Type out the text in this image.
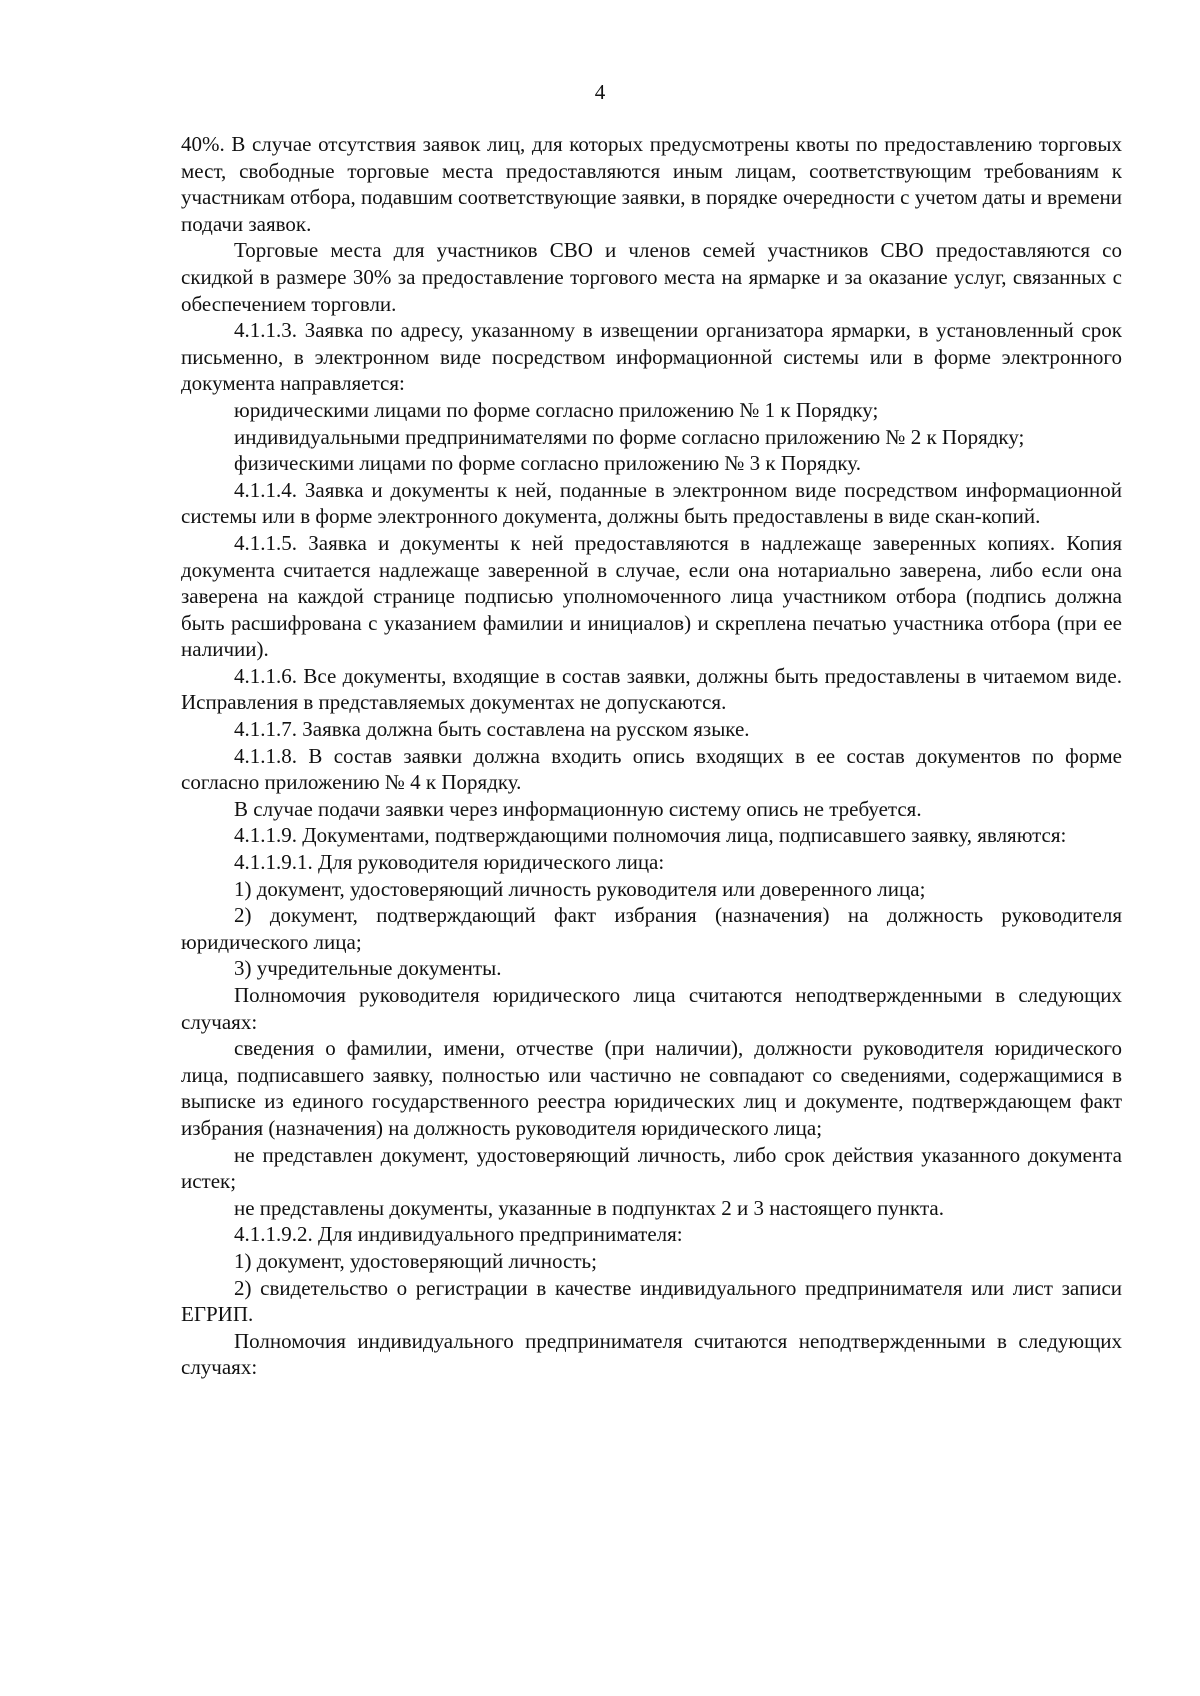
4

40%. В случае отсутствия заявок лиц, для которых предусмотрены квоты по предоставлению торговых мест, свободные торговые места предоставляются иным лицам, соответствующим требованиям к участникам отбора, подавшим соответствующие заявки, в порядке очередности с учетом даты и времени подачи заявок.

Торговые места для участников СВО и членов семей участников СВО предоставляются со скидкой в размере 30% за предоставление торгового места на ярмарке и за оказание услуг, связанных с обеспечением торговли.

4.1.1.3. Заявка по адресу, указанному в извещении организатора ярмарки, в установленный срок письменно, в электронном виде посредством информационной системы или в форме электронного документа направляется:

юридическими лицами по форме согласно приложению № 1 к Порядку;

индивидуальными предпринимателями по форме согласно приложению № 2 к Порядку;

физическими лицами по форме согласно приложению № 3 к Порядку.

4.1.1.4. Заявка и документы к ней, поданные в электронном виде посредством информационной системы или в форме электронного документа, должны быть предоставлены в виде скан-копий.

4.1.1.5. Заявка и документы к ней предоставляются в надлежаще заверенных копиях. Копия документа считается надлежаще заверенной в случае, если она нотариально заверена, либо если она заверена на каждой странице подписью уполномоченного лица участником отбора (подпись должна быть расшифрована с указанием фамилии и инициалов) и скреплена печатью участника отбора (при ее наличии).

4.1.1.6. Все документы, входящие в состав заявки, должны быть предоставлены в читаемом виде. Исправления в представляемых документах не допускаются.

4.1.1.7. Заявка должна быть составлена на русском языке.

4.1.1.8. В состав заявки должна входить опись входящих в ее состав документов по форме согласно приложению № 4 к Порядку.

В случае подачи заявки через информационную систему опись не требуется.

4.1.1.9. Документами, подтверждающими полномочия лица, подписавшего заявку, являются:

4.1.1.9.1. Для руководителя юридического лица:

1) документ, удостоверяющий личность руководителя или доверенного лица;

2) документ, подтверждающий факт избрания (назначения) на должность руководителя юридического лица;

3) учредительные документы.

Полномочия руководителя юридического лица считаются неподтвержденными в следующих случаях:

сведения о фамилии, имени, отчестве (при наличии), должности руководителя юридического лица, подписавшего заявку, полностью или частично не совпадают со сведениями, содержащимися в выписке из единого государственного реестра юридических лиц и документе, подтверждающем факт избрания (назначения) на должность руководителя юридического лица;

не представлен документ, удостоверяющий личность, либо срок действия указанного документа истек;

не представлены документы, указанные в подпунктах 2 и 3 настоящего пункта.

4.1.1.9.2. Для индивидуального предпринимателя:

1) документ, удостоверяющий личность;

2) свидетельство о регистрации в качестве индивидуального предпринимателя или лист записи ЕГРИП.

Полномочия индивидуального предпринимателя считаются неподтвержденными в следующих случаях:
